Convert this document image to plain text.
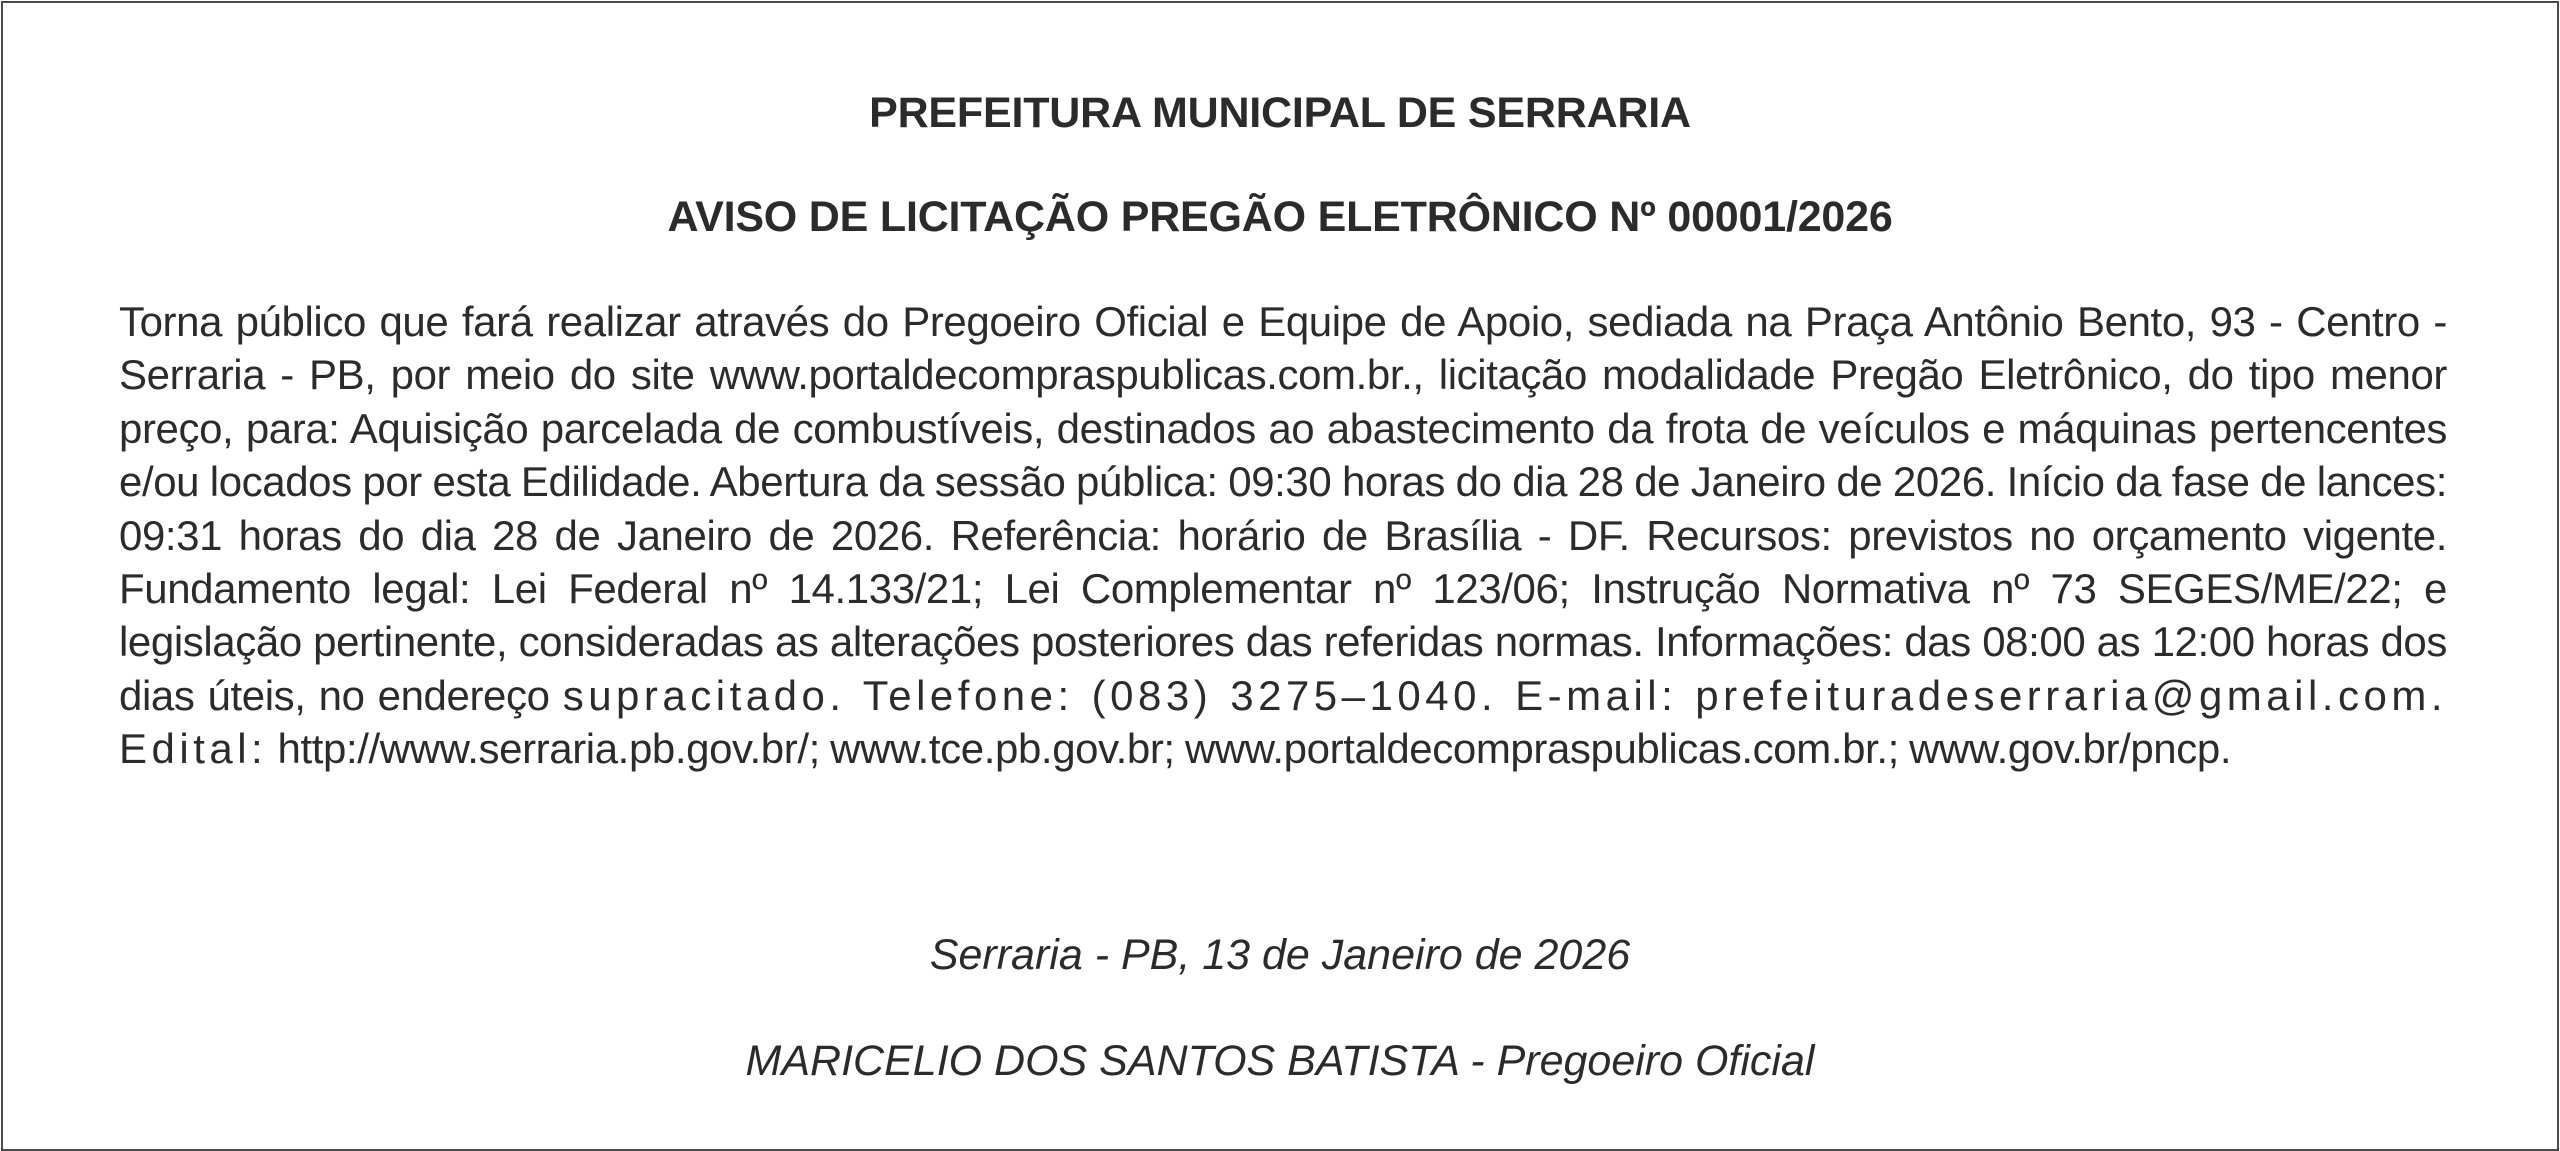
PREFEITURA MUNICIPAL DE SERRARIA
AVISO DE LICITAÇÃO PREGÃO ELETRÔNICO Nº 00001/2026

Torna público que fará realizar através do Pregoeiro Oficial e Equipe de Apoio, sediada na Praça Antônio Bento, 93 - Centro - Serraria - PB, por meio do site www.portaldecompraspublicas.com.br., licitação modalidade Pregão Eletrônico, do tipo menor preço, para: Aquisição parcelada de combustíveis, destinados ao abastecimento da frota de veículos e máquinas pertencentes e/ou locados por esta Edilidade. Abertura da sessão pública: 09:30 horas do dia 28 de Janeiro de 2026. Início da fase de lances: 09:31 horas do dia 28 de Janeiro de 2026. Referência: horário de Brasília - DF. Recursos: previstos no orçamento vigente. Fundamento legal: Lei Federal nº 14.133/21; Lei Complementar nº 123/06; Instrução Normativa nº 73 SEGES/ME/22; e legislação pertinente, consideradas as alterações posteriores das referidas normas. Informações: das 08:00 as 12:00 horas dos dias úteis, no endereço supracitado. Telefone: (083) 3275–1040. E-mail: prefeituradeserraria@gmail.com. Edital: http://www.serraria.pb.gov.br/; www.tce.pb.gov.br; www.portaldecompraspublicas.com.br.; www.gov.br/pncp.

Serraria - PB, 13 de Janeiro de 2026
MARICELIO DOS SANTOS BATISTA - Pregoeiro Oficial
